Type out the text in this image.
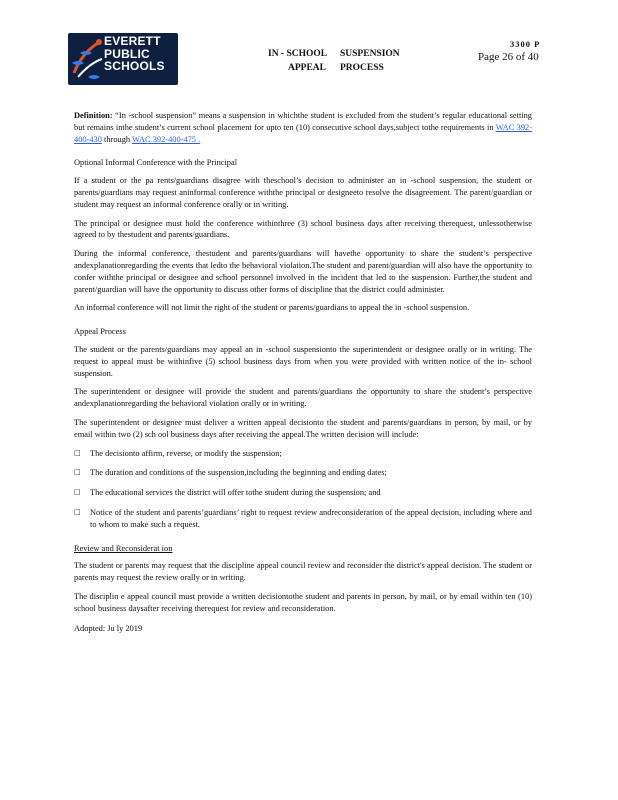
EVERETT
PUBLIC
SCHOOLS
IN - SCHOOL	SUSPENSION
APPEAL	PROCESS
3300 P
Page 26 of 40

Definition: “In -school suspension” means a suspension in whichthe student is excluded from the student’s regular educational setting but remains inthe student’s current school placement for upto ten (10) consecutive school days,subject tothe requirements in WAC 392-400-430 through WAC 392-400-475 .

Optional Informal Conference with the Principal

If a student or the pa rents/guardians disagree with theschool’s decision to administer an in -school suspension, the student or parents/guardians may request aninformal conference withthe principal or designeeto resolve the disagreement. The parent/guardian or student may request an informal conference orally or in writing.

The principal or designee must hold the conference withinthree (3) school business days after receiving therequest, unlessotherwise agreed to by thestudent and parents/guardians.

During the informal conference, thestudent and parents/guardians will havethe opportunity to share the student’s perspective andexplanationregarding the events that ledto the behavioral violation.The student and parent/guardian will also have the opportunity to confer withthe principal or designee and school personnel involved in the incident that led to the suspension. Further,the student and parent/guardian will have the opportunity to discuss other forms of discipline that the district could administer.

An informal conference will not limit the right of the student or parents/guardians to appeal the in -school suspension.

Appeal Process

The student or the parents/guardians may appeal an in -school suspensionto the superintendent or designee orally or in writing. The request to appeal must be withinfive (5) school business days from when you were provided with written notice of the in- school suspension.

The superintendent or designee will provide the student and parents/guardians the opportunity to share the student’s perspective andexplanationregarding the behavioral violation orally or in writing.

The superintendent or designee must deliver a written appeal decisionto the student and parents/guardians in person, by mail, or by email within two (2) sch ool business days after receiving the appeal.The written decision will include:

□	The decisionto affirm, reverse, or modify the suspension;
□	The duration and conditions of the suspension,including the beginning and ending dates;
□	The educational services the district will offer tothe student during the suspension; and
□	Notice of the student and parents’guardians’ right to request review andreconsideration of the appeal decision, including where and to whom to make such a request.
Review and Reconsiderat ion

The student or parents may request that the discipline appeal council review and reconsider the district's appeal decision. The student or parents may request the review orally or in writing.

The disciplin e appeal council must provide a written decisiontothe student and parents in person, by mail, or by email within ten (10) school business daysafter receiving therequest for review and reconsideration.

Adopted: Ju ly 2019
